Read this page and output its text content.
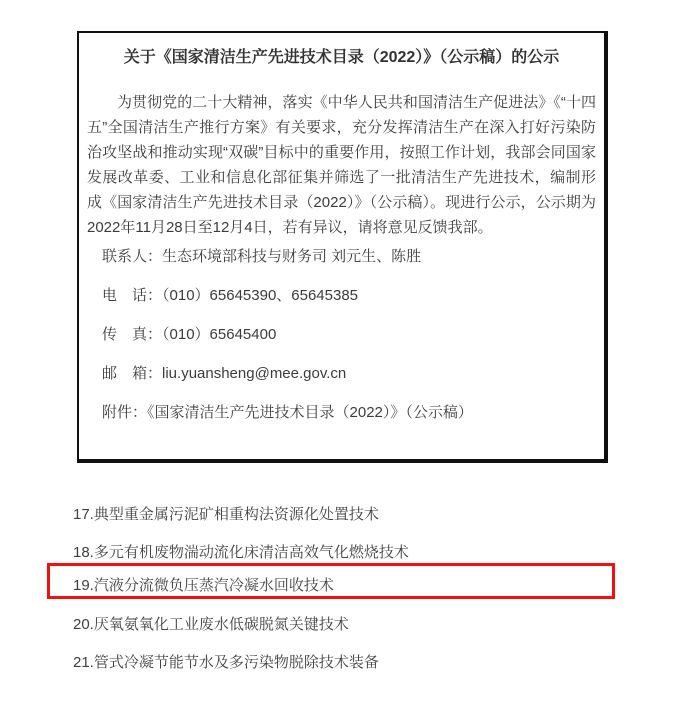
关于《国家清洁生产先进技术目录（2022）》（公示稿）的公示

为贯彻党的二十大精神，落实《中华人民共和国清洁生产促进法》《“十四五”全国清洁生产推行方案》有关要求，充分发挥清洁生产在深入打好污染防治攻坚战和推动实现“双碳”目标中的重要作用，按照工作计划，我部会同国家发展改革委、工业和信息化部征集并筛选了一批清洁生产先进技术，编制形成《国家清洁生产先进技术目录（2022）》（公示稿）。现进行公示，公示期为2022年11月28日至12月4日，若有异议，请将意见反馈我部。

联系人：生态环境部科技与财务司 刘元生、陈胜

电　话：（010）65645390、65645385

传　真：（010）65645400

邮　箱：liu.yuansheng@mee.gov.cn

附件：《国家清洁生产先进技术目录（2022）》（公示稿）

17.典型重金属污泥矿相重构法资源化处置技术
18.多元有机废物湍动流化床清洁高效气化燃烧技术
19.汽液分流微负压蒸汽冷凝水回收技术
20.厌氧氨氧化工业废水低碳脱氮关键技术
21.管式冷凝节能节水及多污染物脱除技术装备
